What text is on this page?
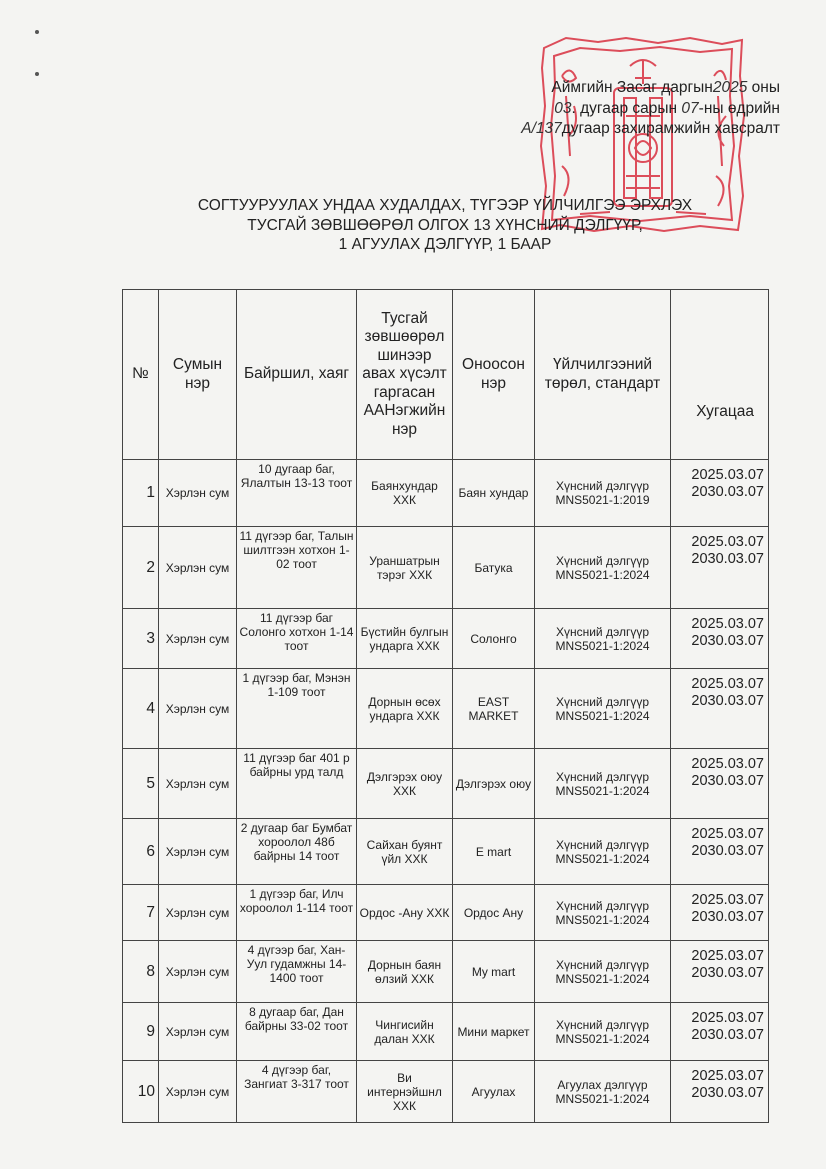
Аймгийн Засаг даргын2025 оны
03. дугаар сарын 07-ны өдрийн
А/137дугаар захирамжийн хавсралт
СОГТУУРУУЛАХ УНДАА ХУДАЛДАХ, ТҮГЭЭР ҮЙЛЧИЛГЭЭ ЭРХЛЭХ
ТУСГАЙ ЗӨВШӨӨРӨЛ ОЛГОХ 13 ХҮНСНИЙ ДЭЛГҮҮР,
1 АГУУЛАХ ДЭЛГҮҮР, 1 БААР
№	Сумын нэр	Байршил, хаяг	Тусгай зөвшөөрөл шинээр авах хүсэлт гаргасан ААНэгжийн нэр	Оноосон нэр	Үйлчилгээний төрөл, стандарт	Хугацаа
1	Хэрлэн сум	10 дугаар баг, Ялалтын 13-13 тоот	Баянхундар ХХК	Баян хундар	Хүнсний дэлгүүр MNS5021-1:2019	2025.03.07
2030.03.07

2	Хэрлэн сум	11 дүгээр баг, Талын шилтгээн хотхон 1-02 тоот	Ураншатрын тэрэг ХХК	Батука	Хүнсний дэлгүүр MNS5021-1:2024	2025.03.07
2030.03.07

3	Хэрлэн сум	11 дүгээр баг Солонго хотхон 1-14 тоот	Бүстийн булгын ундарга ХХК	Солонго	Хүнсний дэлгүүр MNS5021-1:2024	2025.03.07
2030.03.07

4	Хэрлэн сум	1 дүгээр баг, Мэнэн 1-109 тоот	Дорнын өсөх ундарга ХХК	EAST MARKET	Хүнсний дэлгүүр MNS5021-1:2024	2025.03.07
2030.03.07

5	Хэрлэн сум	11 дүгээр баг 401 р байрны урд талд	Дэлгэрэх оюу ХХК	Дэлгэрэх оюу	Хүнсний дэлгүүр MNS5021-1:2024	2025.03.07
2030.03.07

6	Хэрлэн сум	2 дугаар баг Бумбат хороолол 48б байрны 14 тоот	Сайхан буянт үйл ХХК	E mart	Хүнсний дэлгүүр MNS5021-1:2024	2025.03.07
2030.03.07

7	Хэрлэн сум	1 дүгээр баг, Илч хороолол 1-114 тоот	Ордос -Ану ХХК	Ордос Ану	Хүнсний дэлгүүр MNS5021-1:2024	2025.03.07
2030.03.07

8	Хэрлэн сум	4 дүгээр баг, Хан-Уул гудамжны 14-1400 тоот	Дорнын баян өлзий ХХК	My mart	Хүнсний дэлгүүр MNS5021-1:2024	2025.03.07
2030.03.07

9	Хэрлэн сум	8 дугаар баг, Дан байрны 33-02 тоот	Чингисийн далан ХХК	Мини маркет	Хүнсний дэлгүүр MNS5021-1:2024	2025.03.07
2030.03.07

10	Хэрлэн сум	4 дүгээр баг, Зангиат 3-317 тоот	Ви интернэйшнл ХХК	Агуулах	Агуулах дэлгүүр MNS5021-1:2024	2025.03.07
2030.03.07
